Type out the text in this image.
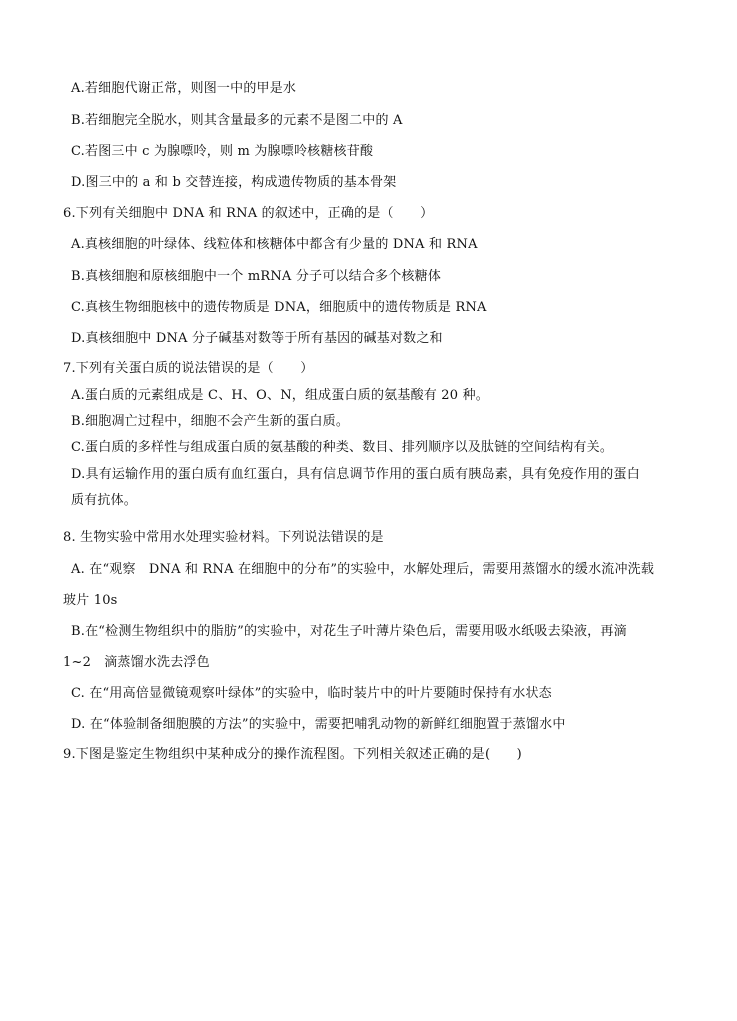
A.若细胞代谢正常，则图一中的甲是水
B.若细胞完全脱水，则其含量最多的元素不是图二中的 A
C.若图三中 c 为腺嘌呤，则 m 为腺嘌呤核糖核苷酸
D.图三中的 a 和 b 交替连接，构成遗传物质的基本骨架
6.下列有关细胞中 DNA 和 RNA 的叙述中，正确的是（　　）
A.真核细胞的叶绿体、线粒体和核糖体中都含有少量的 DNA 和 RNA
B.真核细胞和原核细胞中一个 mRNA 分子可以结合多个核糖体
C.真核生物细胞核中的遗传物质是 DNA，细胞质中的遗传物质是 RNA
D.真核细胞中 DNA 分子碱基对数等于所有基因的碱基对数之和
7.下列有关蛋白质的说法错误的是（　　）
A.蛋白质的元素组成是 C、H、O、N，组成蛋白质的氨基酸有 20 种。
B.细胞凋亡过程中，细胞不会产生新的蛋白质。
C.蛋白质的多样性与组成蛋白质的氨基酸的种类、数目、排列顺序以及肽链的空间结构有关。
D.具有运输作用的蛋白质有血红蛋白，具有信息调节作用的蛋白质有胰岛素，具有免疫作用的蛋白
质有抗体。
8. 生物实验中常用水处理实验材料。下列说法错误的是
A. 在“观察　DNA 和 RNA 在细胞中的分布”的实验中，水解处理后，需要用蒸馏水的缓水流冲洗载
玻片 10s
B.在“检测生物组织中的脂肪”的实验中，对花生子叶薄片染色后，需要用吸水纸吸去染液，再滴
1~2　滴蒸馏水洗去浮色
C. 在“用高倍显微镜观察叶绿体”的实验中，临时装片中的叶片要随时保持有水状态
D. 在“体验制备细胞膜的方法”的实验中，需要把哺乳动物的新鲜红细胞置于蒸馏水中
9.下图是鉴定生物组织中某种成分的操作流程图。下列相关叙述正确的是(　　)
